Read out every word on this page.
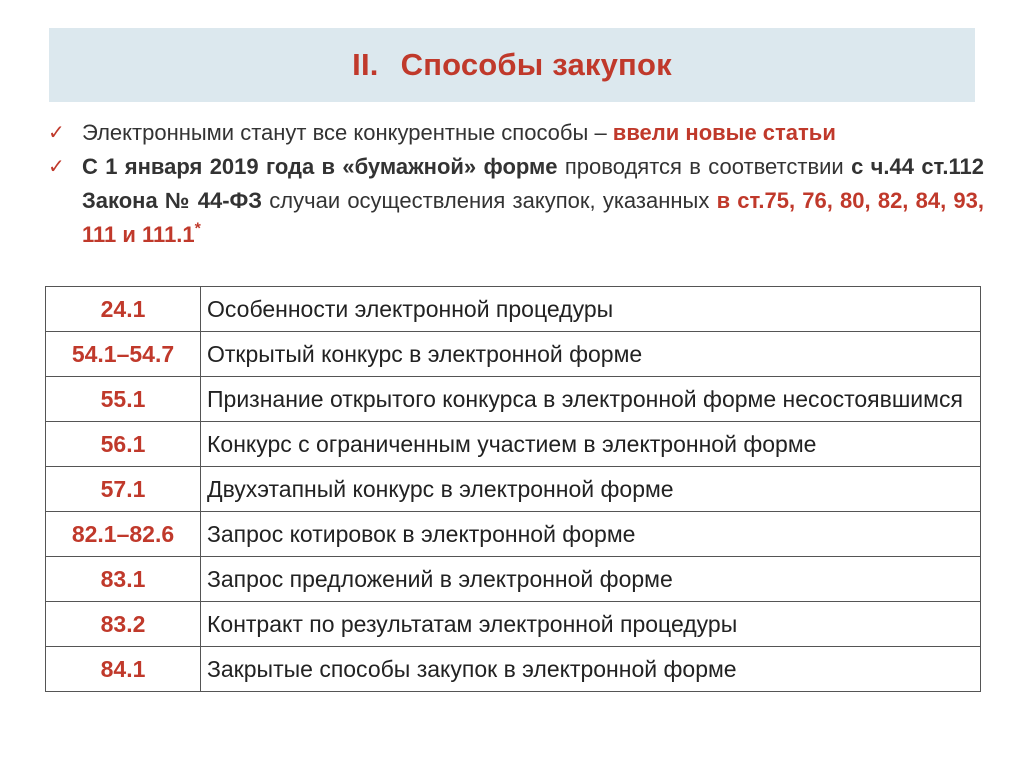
II. Способы закупок
✓ Электронными станут все конкурентные способы – ввели новые статьи
✓ С 1 января 2019 года в «бумажной» форме проводятся в соответствии с ч.44 ст.112 Закона № 44-ФЗ случаи осуществления закупок, указанных в ст.75, 76, 80, 82, 84, 93, 111 и 111.1*
24.1	Особенности электронной процедуры
54.1–54.7	Открытый конкурс в электронной форме
55.1	Признание открытого конкурса в электронной форме несостоявшимся
56.1	Конкурс с ограниченным участием в электронной форме
57.1	Двухэтапный конкурс в электронной форме
82.1–82.6	Запрос котировок в электронной форме
83.1	Запрос предложений в электронной форме
83.2	Контракт по результатам электронной процедуры
84.1	Закрытые способы закупок в электронной форме
